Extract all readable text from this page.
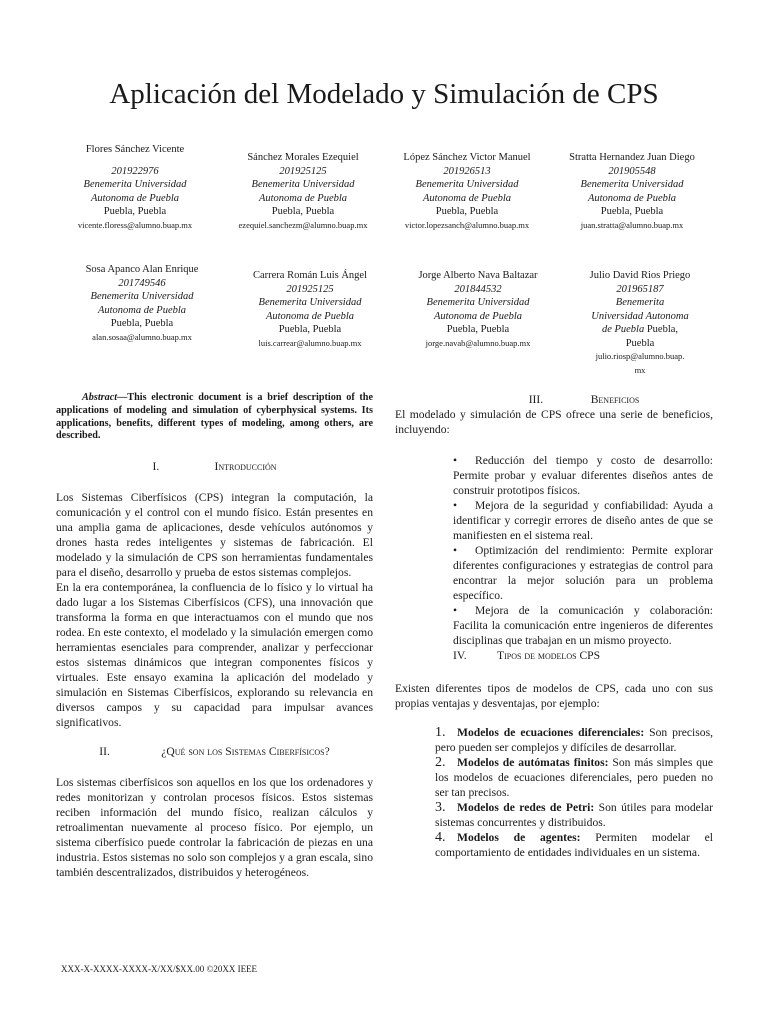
Aplicación del Modelado y Simulación de CPS
Flores Sánchez Vicente
201922976
Benemerita Universidad
Autonoma de Puebla
Puebla, Puebla
vicente.floress@alumno.buap.mx
Sánchez Morales Ezequiel
201925125
Benemerita Universidad
Autonoma de Puebla
Puebla, Puebla
ezequiel.sanchezm@alumno.buap.mx
López Sánchez Victor Manuel
201926513
Benemerita Universidad
Autonoma de Puebla
Puebla, Puebla
victor.lopezsanch@alumno.buap.mx
Stratta Hernandez Juan Diego
201905548
Benemerita Universidad
Autonoma de Puebla
Puebla, Puebla
juan.stratta@alumno.buap.mx
Sosa Apanco Alan Enrique
201749546
Benemerita Universidad
Autonoma de Puebla
Puebla, Puebla
alan.sosaa@alumno.buap.mx
Carrera Román Luis Ángel
201925125
Benemerita Universidad
Autonoma de Puebla
Puebla, Puebla
luis.carrear@alumno.buap.mx
Jorge Alberto Nava Baltazar
201844532
Benemerita Universidad
Autonoma de Puebla
Puebla, Puebla
jorge.navab@alumno.buap.mx
Julio David Rios Priego
201965187
Benemerita
Universidad Autonoma
de Puebla Puebla,
Puebla
julio.riosp@alumno.buap.
mx

Abstract—This electronic document is a brief description of the applications of modeling and simulation of cyberphysical systems. Its applications, benefits, different types of modeling, among others, are described.

I.	Introducción

Los Sistemas Ciberfísicos (CPS) integran la computación, la comunicación y el control con el mundo físico. Están presentes en una amplia gama de aplicaciones, desde vehículos autónomos y drones hasta redes inteligentes y sistemas de fabricación. El modelado y la simulación de CPS son herramientas fundamentales para el diseño, desarrollo y prueba de estos sistemas complejos.

En la era contemporánea, la confluencia de lo físico y lo virtual ha dado lugar a los Sistemas Ciberfísicos (CFS), una innovación que transforma la forma en que interactuamos con el mundo que nos rodea. En este contexto, el modelado y la simulación emergen como herramientas esenciales para comprender, analizar y perfeccionar estos sistemas dinámicos que integran componentes físicos y virtuales. Este ensayo examina la aplicación del modelado y simulación en Sistemas Ciberfísicos, explorando su relevancia en diversos campos y su capacidad para impulsar avances significativos.

II.	¿Qué son los Sistemas Ciberfísicos?

Los sistemas ciberfísicos son aquellos en los que los ordenadores y redes monitorizan y controlan procesos físicos. Estos sistemas reciben información del mundo físico, realizan cálculos y retroalimentan nuevamente al proceso físico. Por ejemplo, un sistema ciberfísico puede controlar la fabricación de piezas en una industria. Estos sistemas no solo son complejos y a gran escala, sino también descentralizados, distribuidos y heterogéneos.

III.	Beneficios

El modelado y simulación de CPS ofrece una serie de beneficios, incluyendo:

• Reducción del tiempo y costo de desarrollo: Permite probar y evaluar diferentes diseños antes de construir prototipos físicos.

• Mejora de la seguridad y confiabilidad: Ayuda a identificar y corregir errores de diseño antes de que se manifiesten en el sistema real.

• Optimización del rendimiento: Permite explorar diferentes configuraciones y estrategias de control para encontrar la mejor solución para un problema específico.

• Mejora de la comunicación y colaboración: Facilita la comunicación entre ingenieros de diferentes disciplinas que trabajan en un mismo proyecto.

IV.	Tipos de modelos CPS

Existen diferentes tipos de modelos de CPS, cada uno con sus propias ventajas y desventajas, por ejemplo:

1. Modelos de ecuaciones diferenciales: Son precisos, pero pueden ser complejos y difíciles de desarrollar.

2. Modelos de autómatas finitos: Son más simples que los modelos de ecuaciones diferenciales, pero pueden no ser tan precisos.

3. Modelos de redes de Petri: Son útiles para modelar sistemas concurrentes y distribuidos.

4. Modelos de agentes: Permiten modelar el comportamiento de entidades individuales en un sistema.

XXX-X-XXXX-XXXX-X/XX/$XX.00 ©20XX IEEE
